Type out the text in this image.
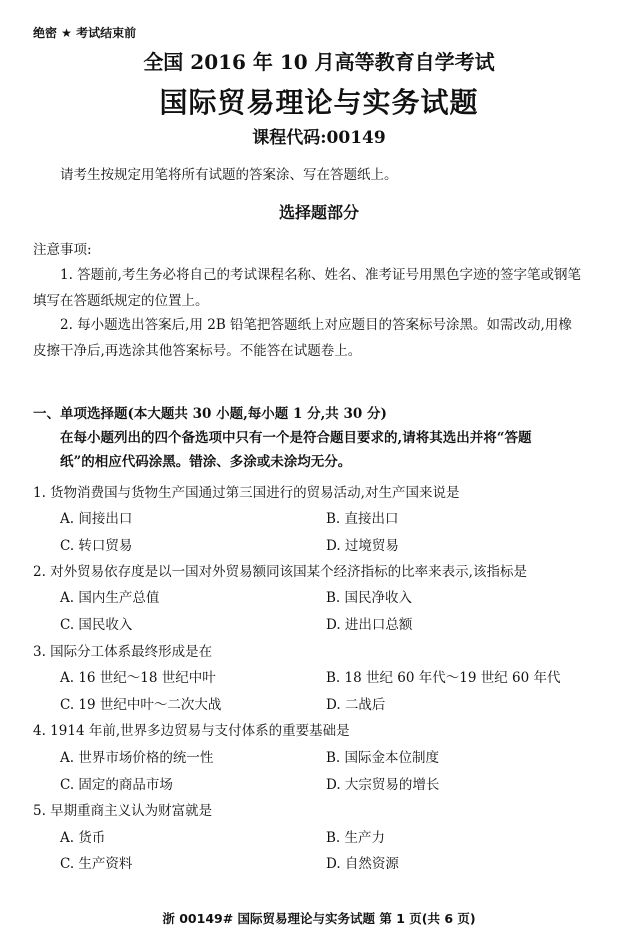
绝密 ★ 考试结束前
全国 2016 年 10 月高等教育自学考试
国际贸易理论与实务试题
课程代码:00149
请考生按规定用笔将所有试题的答案涂、写在答题纸上。
选择题部分
注意事项:
1. 答题前,考生务必将自己的考试课程名称、姓名、准考证号用黑色字迹的签字笔或钢笔
填写在答题纸规定的位置上。
2. 每小题选出答案后,用 2B 铅笔把答题纸上对应题目的答案标号涂黑。如需改动,用橡
皮擦干净后,再选涂其他答案标号。不能答在试题卷上。
一、单项选择题(本大题共 30 小题,每小题 1 分,共 30 分)
在每小题列出的四个备选项中只有一个是符合题目要求的,请将其选出并将“答题
纸”的相应代码涂黑。错涂、多涂或未涂均无分。
1. 货物消费国与货物生产国通过第三国进行的贸易活动,对生产国来说是
A. 间接出口	B. 直接出口
C. 转口贸易	D. 过境贸易
2. 对外贸易依存度是以一国对外贸易额同该国某个经济指标的比率来表示,该指标是
A. 国内生产总值	B. 国民净收入
C. 国民收入	D. 进出口总额
3. 国际分工体系最终形成是在
A. 16 世纪～18 世纪中叶	B. 18 世纪 60 年代～19 世纪 60 年代
C. 19 世纪中叶～二次大战	D. 二战后
4. 1914 年前,世界多边贸易与支付体系的重要基础是
A. 世界市场价格的统一性	B. 国际金本位制度
C. 固定的商品市场	D. 大宗贸易的增长
5. 早期重商主义认为财富就是
A. 货币	B. 生产力
C. 生产资料	D. 自然资源
浙 00149# 国际贸易理论与实务试题 第 1 页(共 6 页)
